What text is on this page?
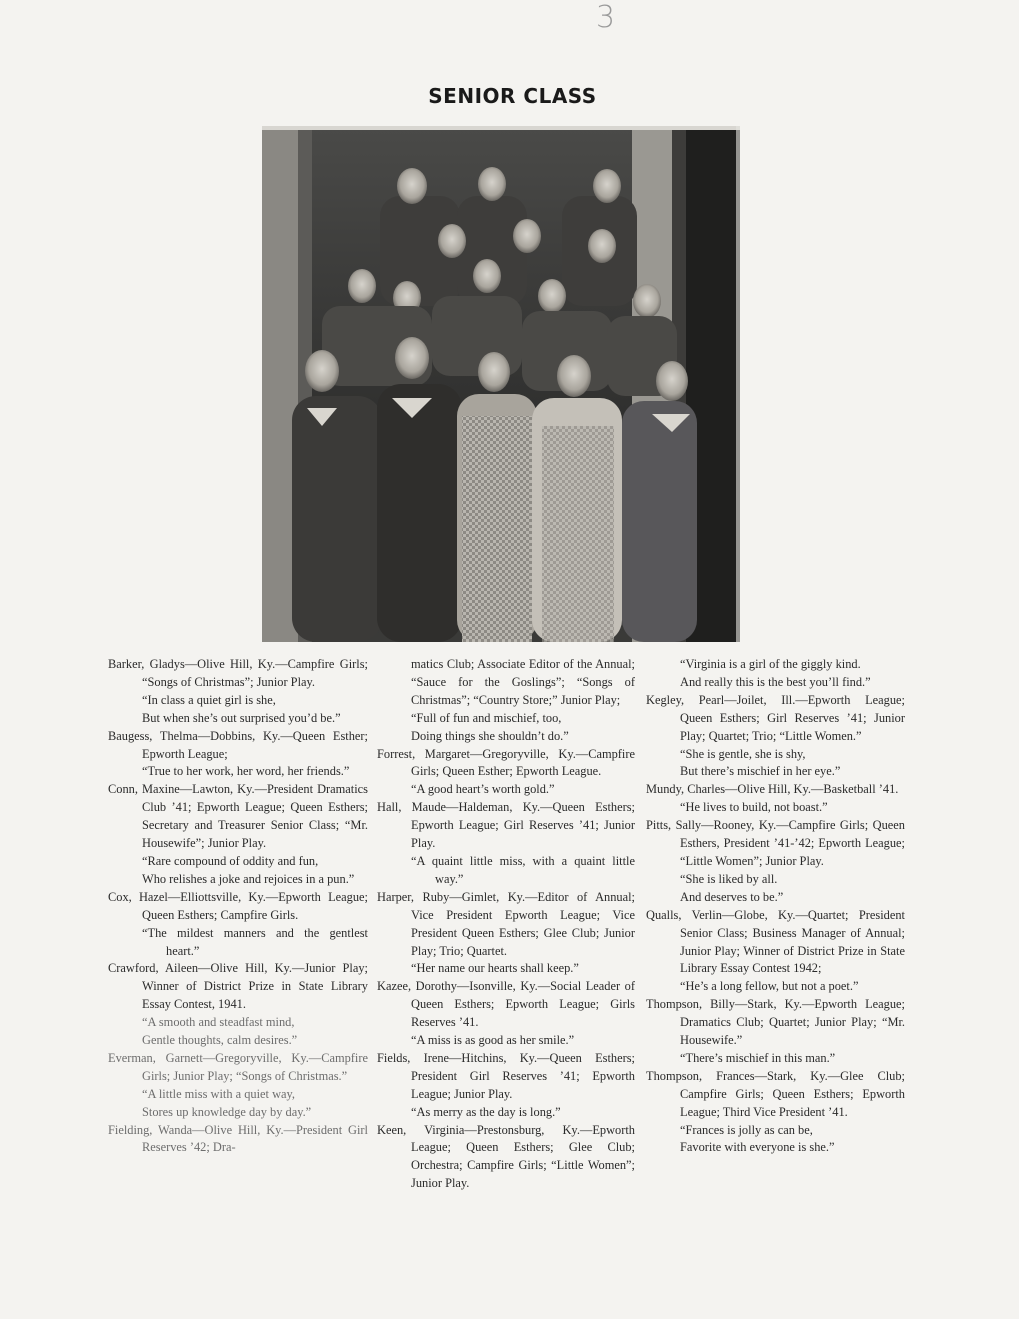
3
SENIOR CLASS
Barker, Gladys—Olive Hill, Ky.—Campfire Girls; “Songs of Christmas”; Junior Play.
“In class a quiet girl is she,
But when she’s out surprised you’d be.”
Baugess, Thelma—Dobbins, Ky.—Queen Esther; Epworth League;
“True to her work, her word, her friends.”
Conn, Maxine—Lawton, Ky.—President Dramatics Club ’41; Epworth League; Queen Esthers; Secretary and Treasurer Senior Class; “Mr. Housewife”; Junior Play.
“Rare compound of oddity and fun,
Who relishes a joke and rejoices in a pun.”
Cox, Hazel—Elliottsville, Ky.—Epworth League; Queen Esthers; Campfire Girls.
“The mildest manners and the gentlest heart.”
Crawford, Aileen—Olive Hill, Ky.—Junior Play; Winner of District Prize in State Library Essay Contest, 1941.
“A smooth and steadfast mind,
Gentle thoughts, calm desires.”
Everman, Garnett—Gregoryville, Ky.—Campfire Girls; Junior Play; “Songs of Christmas.”
“A little miss with a quiet way,
Stores up knowledge day by day.”
Fielding, Wanda—Olive Hill, Ky.—President Girl Reserves ’42; Dra-
matics Club; Associate Editor of the Annual; “Sauce for the Goslings”; “Songs of Christmas”; “Country Store;” Junior Play;
“Full of fun and mischief, too,
Doing things she shouldn’t do.”
Forrest, Margaret—Gregoryville, Ky.—Campfire Girls; Queen Esther; Epworth League.
“A good heart’s worth gold.”
Hall, Maude—Haldeman, Ky.—Queen Esthers; Epworth League; Girl Reserves ’41; Junior Play.
“A quaint little miss, with a quaint little way.”
Harper, Ruby—Gimlet, Ky.—Editor of Annual; Vice President Epworth League; Vice President Queen Esthers; Glee Club; Junior Play; Trio; Quartet.
“Her name our hearts shall keep.”
Kazee, Dorothy—Isonville, Ky.—Social Leader of Queen Esthers; Epworth League; Girls Reserves ’41.
“A miss is as good as her smile.”
Fields, Irene—Hitchins, Ky.—Queen Esthers; President Girl Reserves ’41; Epworth League; Junior Play.
“As merry as the day is long.”
Keen, Virginia—Prestonsburg, Ky.—Epworth League; Queen Esthers; Glee Club; Orchestra; Campfire Girls; “Little Women”; Junior Play.
“Virginia is a girl of the giggly kind.
And really this is the best you’ll find.”
Kegley, Pearl—Joilet, Ill.—Epworth League; Queen Esthers; Girl Reserves ’41; Junior Play; Quartet; Trio; “Little Women.”
“She is gentle, she is shy,
But there’s mischief in her eye.”
Mundy, Charles—Olive Hill, Ky.—Basketball ’41.
“He lives to build, not boast.”
Pitts, Sally—Rooney, Ky.—Campfire Girls; Queen Esthers, President ’41-’42; Epworth League; “Little Women”; Junior Play.
“She is liked by all.
And deserves to be.”
Qualls, Verlin—Globe, Ky.—Quartet; President Senior Class; Business Manager of Annual; Junior Play; Winner of District Prize in State Library Essay Contest 1942;
“He’s a long fellow, but not a poet.”
Thompson, Billy—Stark, Ky.—Epworth League; Dramatics Club; Quartet; Junior Play; “Mr. Housewife.”
“There’s mischief in this man.”
Thompson, Frances—Stark, Ky.—Glee Club; Campfire Girls; Queen Esthers; Epworth League; Third Vice President ’41.
“Frances is jolly as can be,
Favorite with everyone is she.”
